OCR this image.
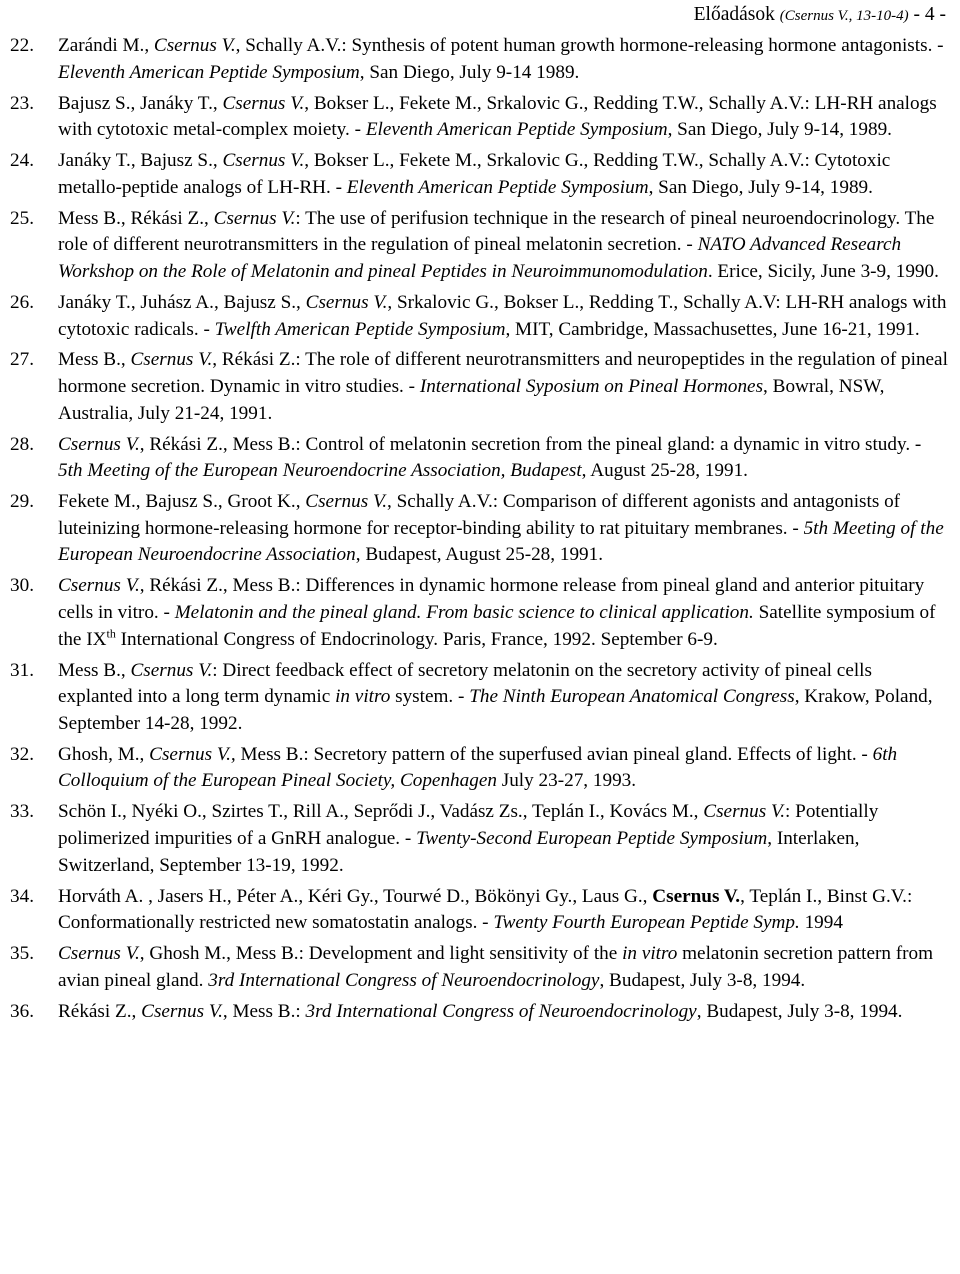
Előadások (Csernus V., 13-10-4) - 4 -
22. Zarándi M., Csernus V., Schally A.V.: Synthesis of potent human growth hormone-releasing hormone antagonists. - Eleventh American Peptide Symposium, San Diego, July 9-14 1989.
23. Bajusz S., Janáky T., Csernus V., Bokser L., Fekete M., Srkalovic G., Redding T.W., Schally A.V.: LH-RH analogs with cytotoxic metal-complex moiety. - Eleventh American Peptide Symposium, San Diego, July 9-14, 1989.
24. Janáky T., Bajusz S., Csernus V., Bokser L., Fekete M., Srkalovic G., Redding T.W., Schally A.V.: Cytotoxic metallo-peptide analogs of LH-RH. - Eleventh American Peptide Symposium, San Diego, July 9-14, 1989.
25. Mess B., Rékási Z., Csernus V.: The use of perifusion technique in the research of pineal neuroendocrinology. The role of different neurotransmitters in the regulation of pineal melatonin secretion. - NATO Advanced Research Workshop on the Role of Melatonin and pineal Peptides in Neuroimmunomodulation. Erice, Sicily, June 3-9, 1990.
26. Janáky T., Juhász A., Bajusz S., Csernus V., Srkalovic G., Bokser L., Redding T., Schally A.V: LH-RH analogs with cytotoxic radicals. - Twelfth American Peptide Symposium, MIT, Cambridge, Massachusettes, June 16-21, 1991.
27. Mess B., Csernus V., Rékási Z.: The role of different neurotransmitters and neuropeptides in the regulation of pineal hormone secretion. Dynamic in vitro studies. - International Syposium on Pineal Hormones, Bowral, NSW, Australia, July 21-24, 1991.
28. Csernus V., Rékási Z., Mess B.: Control of melatonin secretion from the pineal gland: a dynamic in vitro study. - 5th Meeting of the European Neuroendocrine Association, Budapest, August 25-28, 1991.
29. Fekete M., Bajusz S., Groot K., Csernus V., Schally A.V.: Comparison of different agonists and antagonists of luteinizing hormone-releasing hormone for receptor-binding ability to rat pituitary membranes. - 5th Meeting of the European Neuroendocrine Association, Budapest, August 25-28, 1991.
30. Csernus V., Rékási Z., Mess B.: Differences in dynamic hormone release from pineal gland and anterior pituitary cells in vitro. - Melatonin and the pineal gland. From basic science to clinical application. Satellite symposium of the IXth International Congress of Endocrinology. Paris, France, 1992. September 6-9.
31. Mess B., Csernus V.: Direct feedback effect of secretory melatonin on the secretory activity of pineal cells explanted into a long term dynamic in vitro system. - The Ninth European Anatomical Congress, Krakow, Poland, September 14-28, 1992.
32. Ghosh, M., Csernus V., Mess B.: Secretory pattern of the superfused avian pineal gland. Effects of light. - 6th Colloquium of the European Pineal Society, Copenhagen July 23-27, 1993.
33. Schön I., Nyéki O., Szirtes T., Rill A., Seprődi J., Vadász Zs., Teplán I., Kovács M., Csernus V.: Potentially polimerized impurities of a GnRH analogue. - Twenty-Second European Peptide Symposium, Interlaken, Switzerland, September 13-19, 1992.
34. Horváth A. , Jasers H., Péter A., Kéri Gy., Tourwé D., Bökönyi Gy., Laus G., Csernus V., Teplán I., Binst G.V.: Conformationally restricted new somatostatin analogs. - Twenty Fourth European Peptide Symp. 1994
35. Csernus V., Ghosh M., Mess B.: Development and light sensitivity of the in vitro melatonin secretion pattern from avian pineal gland. 3rd International Congress of Neuroendocrinology, Budapest, July 3-8, 1994.
36. Rékási Z., Csernus V., Mess B.: 3rd International Congress of Neuroendocrinology, Budapest, July 3-8, 1994.
